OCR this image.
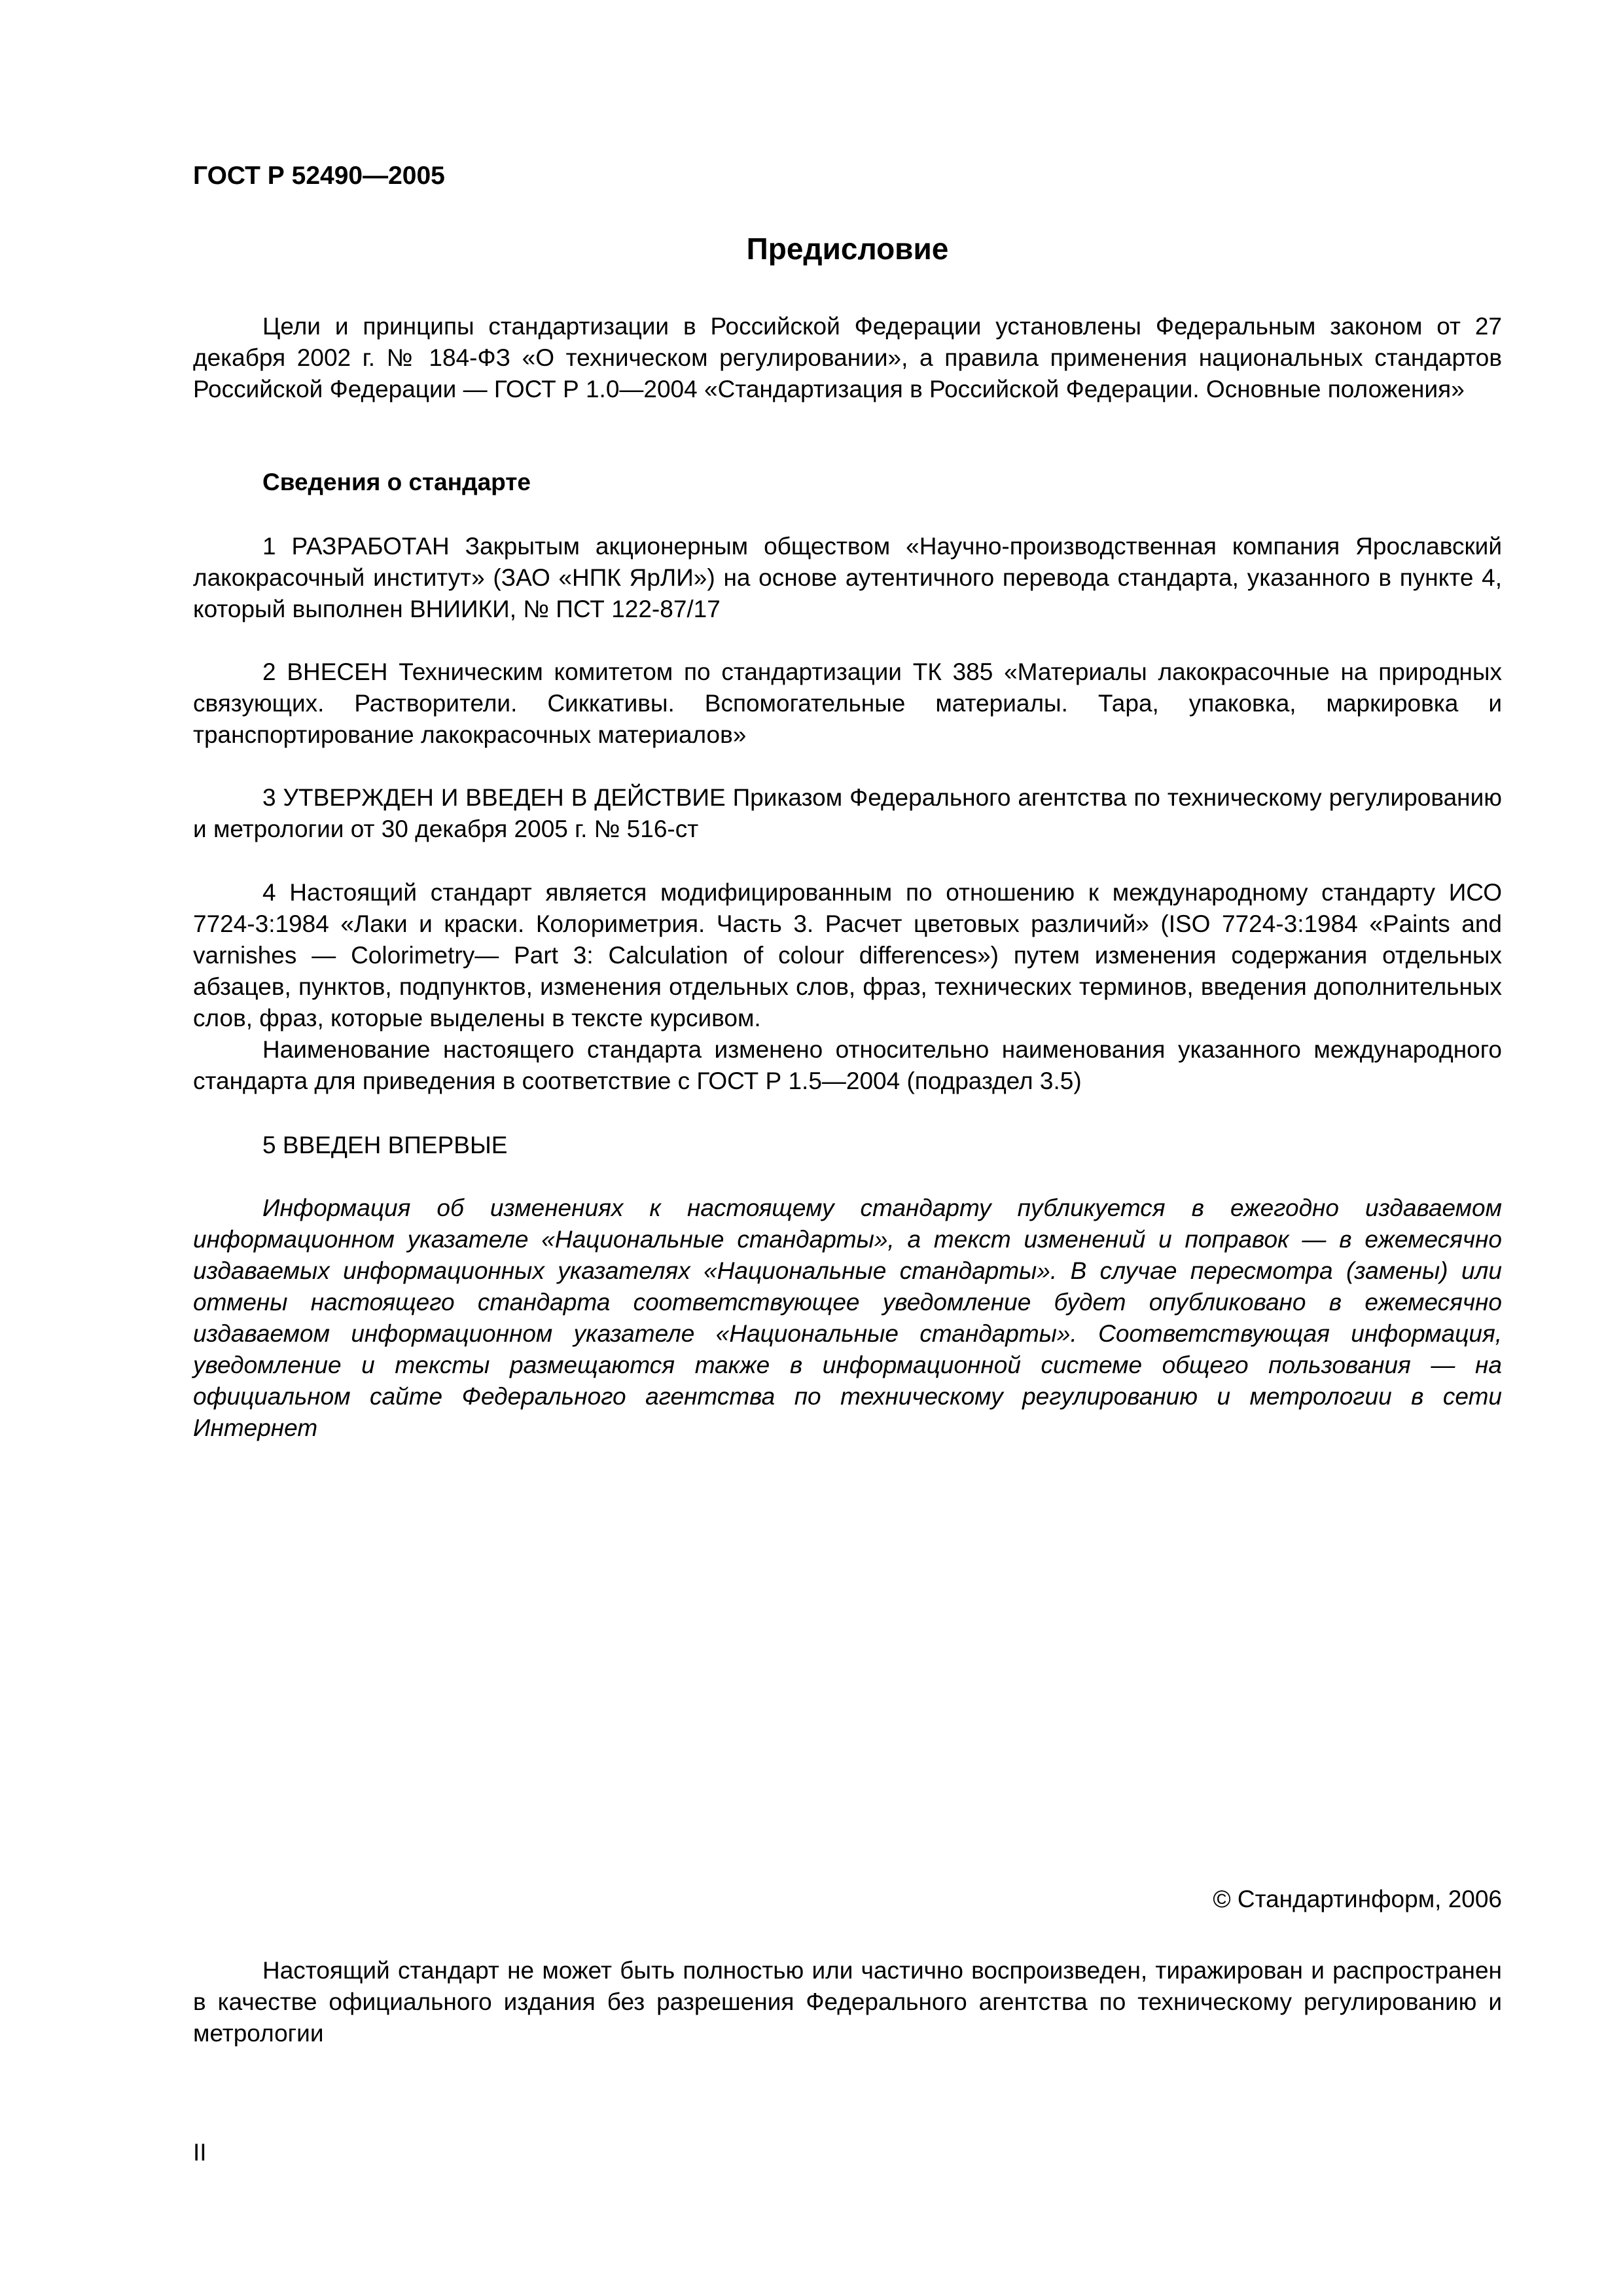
ГОСТ Р 52490—2005
Предисловие
Цели и принципы стандартизации в Российской Федерации установлены Федеральным законом от 27 декабря 2002 г. № 184-ФЗ «О техническом регулировании», а правила применения национальных стандартов Российской Федерации — ГОСТ Р 1.0—2004 «Стандартизация в Российской Федерации. Основные положения»
Сведения о стандарте
1 РАЗРАБОТАН Закрытым акционерным обществом «Научно-производственная компания Ярославский лакокрасочный институт» (ЗАО «НПК ЯрЛИ») на основе аутентичного перевода стандарта, указанного в пункте 4, который выполнен ВНИИКИ, № ПСТ 122-87/17
2 ВНЕСЕН Техническим комитетом по стандартизации ТК 385 «Материалы лакокрасочные на природных связующих. Растворители. Сиккативы. Вспомогательные материалы. Тара, упаковка, маркировка и транспортирование лакокрасочных материалов»
3 УТВЕРЖДЕН И ВВЕДЕН В ДЕЙСТВИЕ Приказом Федерального агентства по техническому регулированию и метрологии от 30 декабря 2005 г. № 516-ст
4 Настоящий стандарт является модифицированным по отношению к международному стандарту ИСО 7724-3:1984 «Лаки и краски. Колориметрия. Часть 3. Расчет цветовых различий» (ISO 7724-3:1984 «Paints and varnishes — Colorimetry— Part 3: Calculation of colour differences») путем изменения содержания отдельных абзацев, пунктов, подпунктов, изменения отдельных слов, фраз, технических терминов, введения дополнительных слов, фраз, которые выделены в тексте курсивом.
Наименование настоящего стандарта изменено относительно наименования указанного международного стандарта для приведения в соответствие с ГОСТ Р 1.5—2004 (подраздел 3.5)
5 ВВЕДЕН ВПЕРВЫЕ
Информация об изменениях к настоящему стандарту публикуется в ежегодно издаваемом информационном указателе «Национальные стандарты», а текст изменений и поправок — в ежемесячно издаваемых информационных указателях «Национальные стандарты». В случае пересмотра (замены) или отмены настоящего стандарта соответствующее уведомление будет опубликовано в ежемесячно издаваемом информационном указателе «Национальные стандарты». Соответствующая информация, уведомление и тексты размещаются также в информационной системе общего пользования — на официальном сайте Федерального агентства по техническому регулированию и метрологии в сети Интернет
© Стандартинформ, 2006
Настоящий стандарт не может быть полностью или частично воспроизведен, тиражирован и распространен в качестве официального издания без разрешения Федерального агентства по техническому регулированию и метрологии
II
